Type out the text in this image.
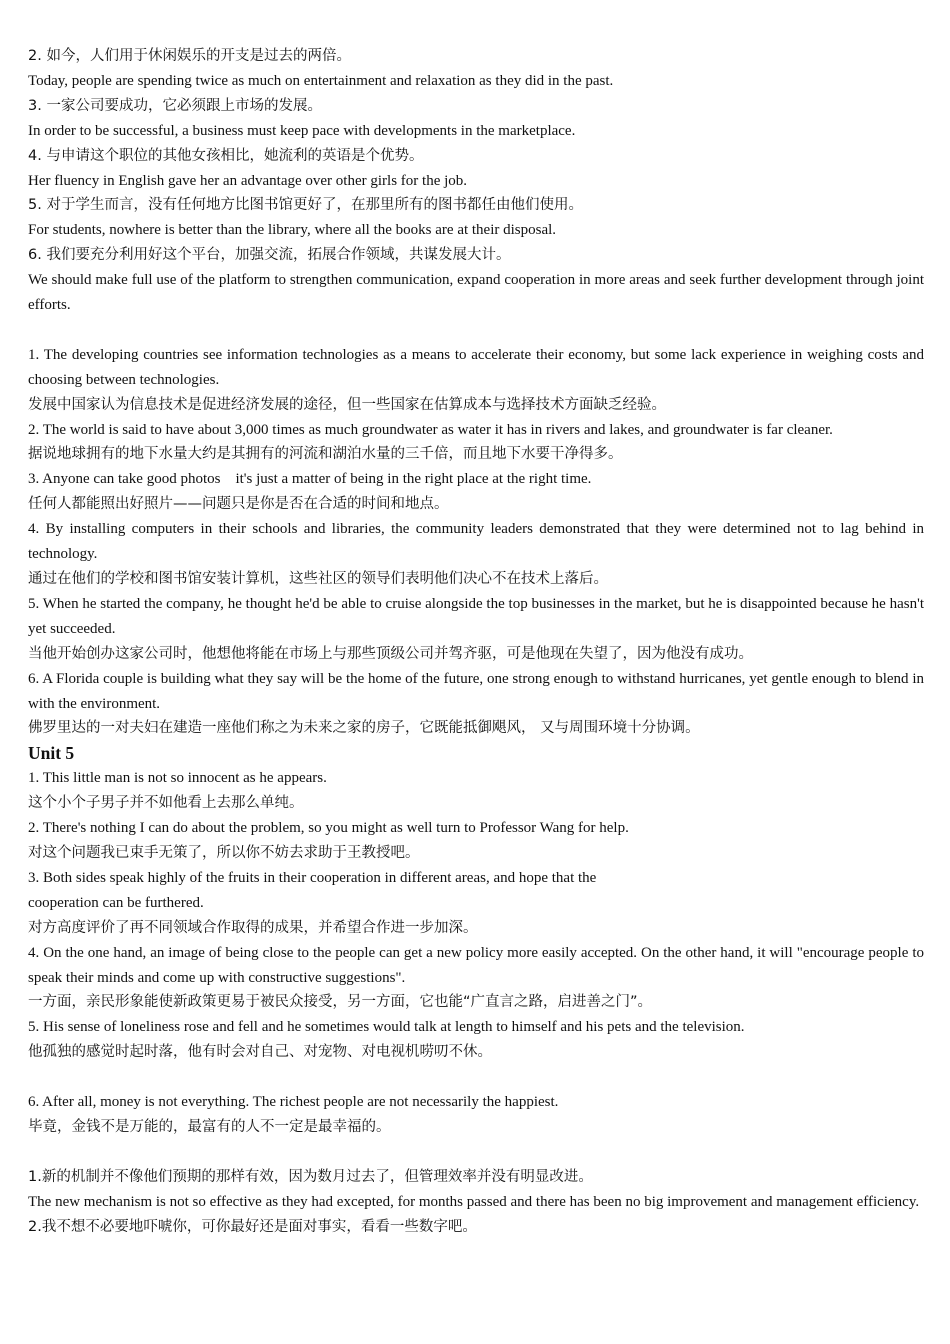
2. 如今，人们用于休闲娱乐的开支是过去的两倍。

Today, people are spending twice as much on entertainment and relaxation as they did in the past.

3. 一家公司要成功，它必须跟上市场的发展。

In order to be successful, a business must keep pace with developments in the marketplace.

4. 与申请这个职位的其他女孩相比，她流利的英语是个优势。

Her fluency in English gave her an advantage over other girls for the job.

5. 对于学生而言，没有任何地方比图书馆更好了，在那里所有的图书都任由他们使用。

For students, nowhere is better than the library, where all the books are at their disposal.

6. 我们要充分利用好这个平台，加强交流，拓展合作领域，共谋发展大计。

We should make full use of the platform to strengthen communication, expand cooperation in more areas and seek further development through joint efforts.

1. The developing countries see information technologies as a means to accelerate their economy, but some lack experience in weighing costs and choosing between technologies.

发展中国家认为信息技术是促进经济发展的途径，但一些国家在估算成本与选择技术方面缺乏经验。

2. The world is said to have about 3,000 times as much groundwater as water it has in rivers and lakes, and groundwater is far cleaner.

据说地球拥有的地下水量大约是其拥有的河流和湖泊水量的三千倍，而且地下水要干净得多。

3. Anyone can take good photos    it's just a matter of being in the right place at the right time.

任何人都能照出好照片——问题只是你是否在合适的时间和地点。

4. By installing computers in their schools and libraries, the community leaders demonstrated that they were determined not to lag behind in technology.

通过在他们的学校和图书馆安装计算机，这些社区的领导们表明他们决心不在技术上落后。

5. When he started the company, he thought he'd be able to cruise alongside the top businesses in the market, but he is disappointed because he hasn't yet succeeded.

当他开始创办这家公司时，他想他将能在市场上与那些顶级公司并驾齐驱，可是他现在失望了，因为他没有成功。

6. A Florida couple is building what they say will be the home of the future, one strong enough to withstand hurricanes, yet gentle enough to blend in with the environment.

佛罗里达的一对夫妇在建造一座他们称之为未来之家的房子，它既能抵御飓风， 又与周围环境十分协调。

Unit 5

1. This little man is not so innocent as he appears.

这个小个子男子并不如他看上去那么单纯。

2. There's nothing I can do about the problem, so you might as well turn to Professor Wang for help.

对这个问题我已束手无策了，所以你不妨去求助于王教授吧。

3. Both sides speak highly of the fruits in their cooperation in different areas, and hope that the

cooperation can be furthered.

对方高度评价了再不同领域合作取得的成果，并希望合作进一步加深。

4. On the one hand, an image of being close to the people can get a new policy more easily accepted. On the other hand, it will "encourage people to speak their minds and come up with constructive suggestions".

一方面，亲民形象能使新政策更易于被民众接受，另一方面，它也能“广直言之路，启进善之门”。

5. His sense of loneliness rose and fell and he sometimes would talk at length to himself and his pets and the television.

他孤独的感觉时起时落，他有时会对自己、对宠物、对电视机唠叨不休。

6. After all, money is not everything. The richest people are not necessarily the happiest.

毕竟，金钱不是万能的，最富有的人不一定是最幸福的。

1.新的机制并不像他们预期的那样有效，因为数月过去了，但管理效率并没有明显改进。

The new mechanism is not so effective as they had excepted, for months passed and there has been no big improvement and management efficiency.

2.我不想不必要地吓唬你，可你最好还是面对事实，看看一些数字吧。
